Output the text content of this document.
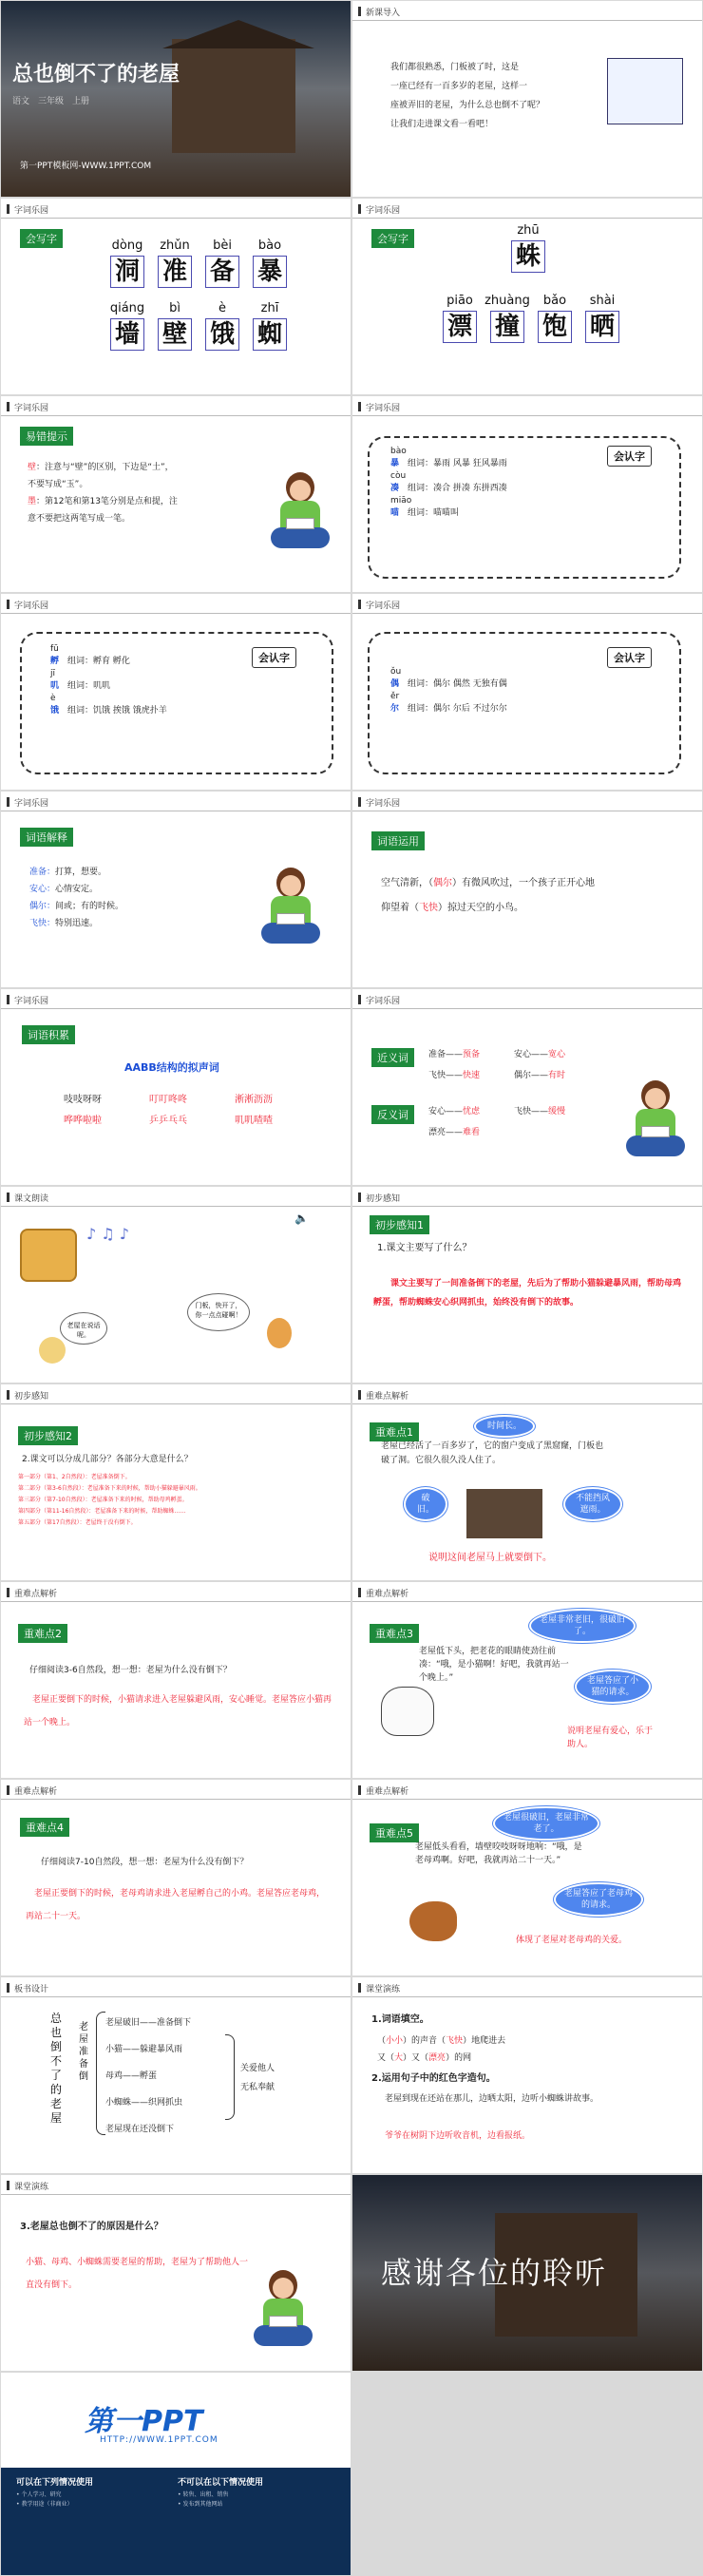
总也倒不了的老屋
语文　三年级　上册
第一PPT模板网-WWW.1PPT.COM
新课导入
我们都很熟悉，门板被了时，这是
一座已经有一百多岁的老屋，这样一
座被弄旧的老屋，为什么总也倒不了呢？
让我们走进课文看一看吧！
字词乐园
会写字	dòng	zhǔn	bèi	bào
洞 准 备 暴
qiáng	bì	è	zhī
墙 壁 饿 蜘
字词乐园
会写字
zhū
蛛
piāo zhuàng	bǎo	shài
漂 撞 饱 晒
字词乐园
易错提示
壁：注意与“壁”的区别，下边是“土”，
不要写成“玉”。
墨：第12笔和第13笔分别是点和提，注
意不要把这两笔写成一笔。
字词乐园
会认字
bào
暴　 组词：暴雨 风暴 狂风暴雨
còu
凑　 组词：凑合 拼凑 东拼西凑
miāo
喵　 组词：喵喵叫
字词乐园
会认字
fū
孵　 组词：孵育 孵化
jī
叽　 组词：叽叽
è
饿　 组词：饥饿 挨饿 饿虎扑羊
字词乐园
会认字
ǒu
偶　 组词：偶尔 偶然 无独有偶
ěr
尔　 组词：偶尔 尔后 不过尔尔
字词乐园
词语解释
准备：打算，想要。
安心：心情安定。
偶尔：间或；有的时候。
飞快：特别迅速。
字词乐园
词语运用
空气清新，（偶尔）有微风吹过，一个孩子正开心地
仰望着（飞快）掠过天空的小鸟。
字词乐园
词语积累
AABB结构的拟声词
吱吱呀呀	叮叮咚咚	淅淅沥沥
哗哗啦啦	乒乒乓乓	叽叽喳喳
字词乐园
近义词
反义词
准备——预备	安心——宽心
飞快——快速	偶尔——有时
安心——忧虑	飞快——缓慢
漂亮——难看
课文朗读
🔈
♪ ♫ ♪
老屋在说话呢。
门板，快开了，你一点点碰啊！
初步感知
初步感知1
1.课文主要写了什么？
课文主要写了一间准备倒下的老屋，先后为了帮助小猫躲避暴风雨，帮助母鸡孵蛋，帮助蜘蛛安心织网抓虫，始终没有倒下的故事。
初步感知
初步感知2
2.课文可以分成几部分？各部分大意是什么？
第一部分（第1、2自然段）：老屋准备倒下。
第二部分（第3-6自然段）：老屋准备下来的时候，帮助小猫躲避暴风雨。
第三部分（第7-10自然段）：老屋准备下来的时候，帮助母鸡孵蛋。
第四部分（第11-16自然段）：老屋准备下来的时候，帮助蜘蛛……
第五部分（第17自然段）：老屋终于没有倒下。
重难点解析
重难点1	时间长。
老屋已经活了一百多岁了，它的窗户变成了黑窟窿，门板也破了洞。它很久很久没人住了。
破旧。
不能挡风遮雨。
说明这间老屋马上就要倒下。
重难点解析
重难点2
仔细阅读3-6自然段，想一想：老屋为什么没有倒下？
老屋正要倒下的时候，小猫请求进入老屋躲避风雨，安心睡觉。老屋答应小猫再站一个晚上。
重难点解析
重难点3
老屋非常老旧，很破旧了。
老屋低下头，把老花的眼睛使劲往前凑：“哦，是小猫啊！好吧，我就再站一个晚上。”	老屋答应了小猫的请求。
说明老屋有爱心，乐于助人。
重难点解析
重难点4
仔细阅读7-10自然段，想一想：老屋为什么没有倒下？
老屋正要倒下的时候，老母鸡请求进入老屋孵自己的小鸡。老屋答应老母鸡，再站二十一天。
重难点解析
重难点5
老屋很破旧，老屋非常老了。
老屋低头看看，墙壁咬吱呀呀地响：“哦，是老母鸡啊。好吧，我就再站二十一天。”
老屋答应了老母鸡的请求。
体现了老屋对老母鸡的关爱。
板书设计
总也倒不了的老屋
老屋准备倒
老屋破旧——准备倒下
小猫——躲避暴风雨
母鸡——孵蛋
小蜘蛛——织网抓虫
老屋现在还没倒下
关爱他人
无私奉献
课堂演练
1.词语填空。
（小小）的声音（飞快）地爬进去
又（大）又（漂亮）的网
2.运用句子中的红色字造句。
老屋到现在还站在那儿，边晒太阳，边听小蜘蛛讲故事。
爷爷在树阴下边听收音机，边看报纸。
课堂演练
3.老屋总也倒不了的原因是什么？
小猫、母鸡、小蜘蛛需要老屋的帮助，老屋为了帮助他人一直没有倒下。	感谢各位的聆听
第一PPT
HTTP://WWW.1PPT.COM
可以在下列情况使用	不可以在以下情况使用
• 个人学习、研究
• 教学用途（非商业）
• 转售、出租、销售
• 发布到其他网站
